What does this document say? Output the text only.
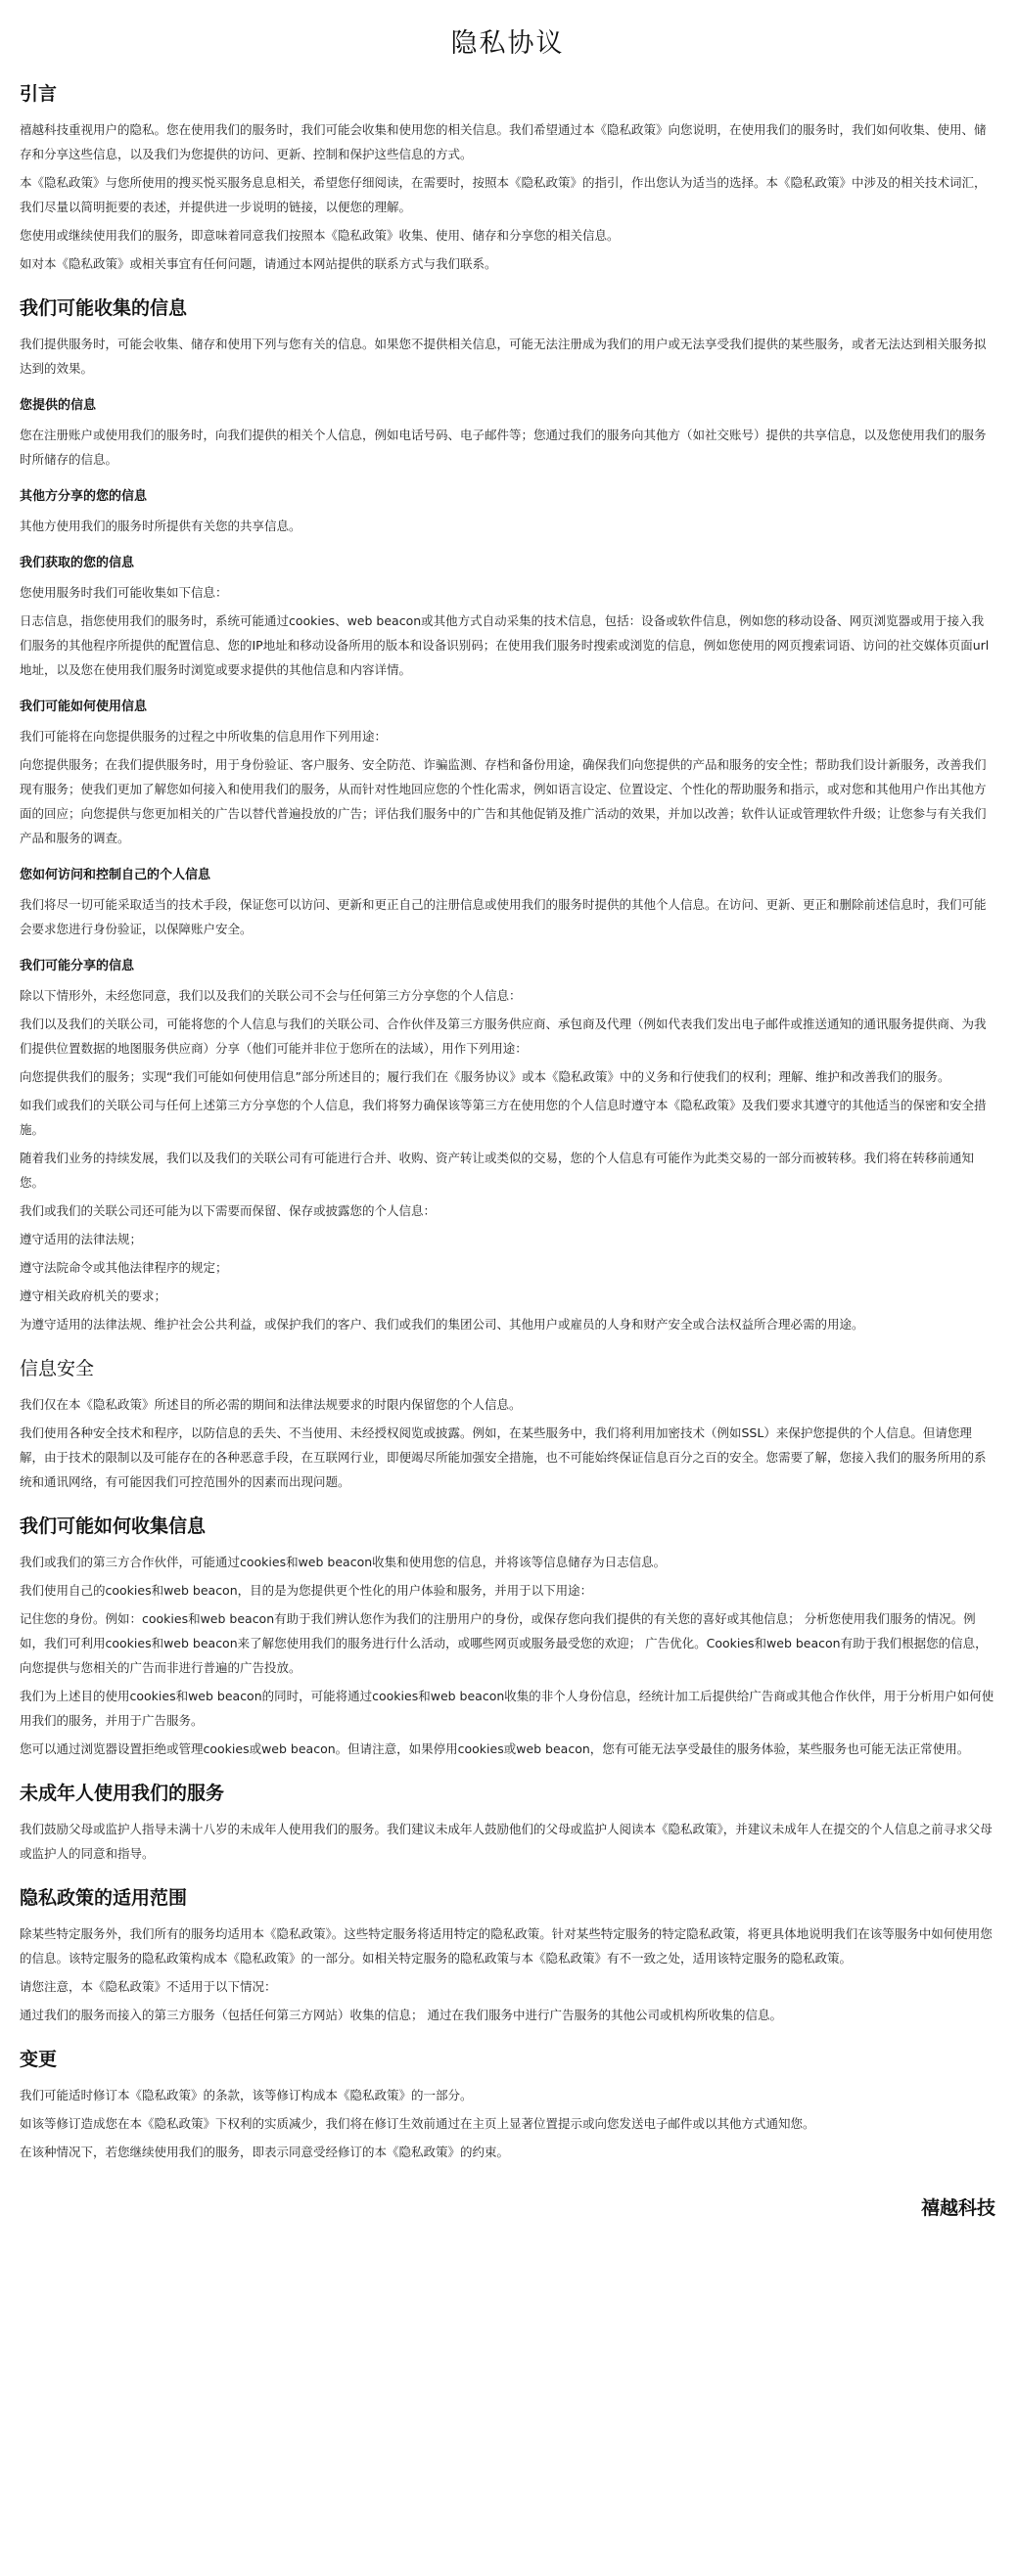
隐私协议
引言

禧越科技重视用户的隐私。您在使用我们的服务时，我们可能会收集和使用您的相关信息。我们希望通过本《隐私政策》向您说明，在使用我们的服务时，我们如何收集、使用、储存和分享这些信息，以及我们为您提供的访问、更新、控制和保护这些信息的方式。

本《隐私政策》与您所使用的搜买悦买服务息息相关，希望您仔细阅读，在需要时，按照本《隐私政策》的指引，作出您认为适当的选择。本《隐私政策》中涉及的相关技术词汇，我们尽量以简明扼要的表述，并提供进一步说明的链接，以便您的理解。

您使用或继续使用我们的服务，即意味着同意我们按照本《隐私政策》收集、使用、储存和分享您的相关信息。

如对本《隐私政策》或相关事宜有任何问题，请通过本网站提供的联系方式与我们联系。

我们可能收集的信息

我们提供服务时，可能会收集、储存和使用下列与您有关的信息。如果您不提供相关信息，可能无法注册成为我们的用户或无法享受我们提供的某些服务，或者无法达到相关服务拟达到的效果。

您提供的信息

您在注册账户或使用我们的服务时，向我们提供的相关个人信息，例如电话号码、电子邮件等；您通过我们的服务向其他方（如社交账号）提供的共享信息，以及您使用我们的服务时所储存的信息。

其他方分享的您的信息

其他方使用我们的服务时所提供有关您的共享信息。

我们获取的您的信息

您使用服务时我们可能收集如下信息：

日志信息，指您使用我们的服务时，系统可能通过cookies、web beacon或其他方式自动采集的技术信息，包括：设备或软件信息，例如您的移动设备、网页浏览器或用于接入我们服务的其他程序所提供的配置信息、您的IP地址和移动设备所用的版本和设备识别码；在使用我们服务时搜索或浏览的信息，例如您使用的网页搜索词语、访问的社交媒体页面url地址，以及您在使用我们服务时浏览或要求提供的其他信息和内容详情。

我们可能如何使用信息

我们可能将在向您提供服务的过程之中所收集的信息用作下列用途：

向您提供服务；在我们提供服务时，用于身份验证、客户服务、安全防范、诈骗监测、存档和备份用途，确保我们向您提供的产品和服务的安全性；帮助我们设计新服务，改善我们现有服务；使我们更加了解您如何接入和使用我们的服务，从而针对性地回应您的个性化需求，例如语言设定、位置设定、个性化的帮助服务和指示，或对您和其他用户作出其他方面的回应；向您提供与您更加相关的广告以替代普遍投放的广告；评估我们服务中的广告和其他促销及推广活动的效果，并加以改善；软件认证或管理软件升级；让您参与有关我们产品和服务的调查。

您如何访问和控制自己的个人信息

我们将尽一切可能采取适当的技术手段，保证您可以访问、更新和更正自己的注册信息或使用我们的服务时提供的其他个人信息。在访问、更新、更正和删除前述信息时，我们可能会要求您进行身份验证，以保障账户安全。

我们可能分享的信息

除以下情形外，未经您同意，我们以及我们的关联公司不会与任何第三方分享您的个人信息：

我们以及我们的关联公司，可能将您的个人信息与我们的关联公司、合作伙伴及第三方服务供应商、承包商及代理（例如代表我们发出电子邮件或推送通知的通讯服务提供商、为我们提供位置数据的地图服务供应商）分享（他们可能并非位于您所在的法域），用作下列用途：

向您提供我们的服务；实现“我们可能如何使用信息”部分所述目的；履行我们在《服务协议》或本《隐私政策》中的义务和行使我们的权利；理解、维护和改善我们的服务。

如我们或我们的关联公司与任何上述第三方分享您的个人信息，我们将努力确保该等第三方在使用您的个人信息时遵守本《隐私政策》及我们要求其遵守的其他适当的保密和安全措施。

随着我们业务的持续发展，我们以及我们的关联公司有可能进行合并、收购、资产转让或类似的交易，您的个人信息有可能作为此类交易的一部分而被转移。我们将在转移前通知您。

我们或我们的关联公司还可能为以下需要而保留、保存或披露您的个人信息：

遵守适用的法律法规；

遵守法院命令或其他法律程序的规定；

遵守相关政府机关的要求；

为遵守适用的法律法规、维护社会公共利益，或保护我们的客户、我们或我们的集团公司、其他用户或雇员的人身和财产安全或合法权益所合理必需的用途。

信息安全

我们仅在本《隐私政策》所述目的所必需的期间和法律法规要求的时限内保留您的个人信息。

我们使用各种安全技术和程序，以防信息的丢失、不当使用、未经授权阅览或披露。例如，在某些服务中，我们将利用加密技术（例如SSL）来保护您提供的个人信息。但请您理解，由于技术的限制以及可能存在的各种恶意手段，在互联网行业，即便竭尽所能加强安全措施，也不可能始终保证信息百分之百的安全。您需要了解，您接入我们的服务所用的系统和通讯网络，有可能因我们可控范围外的因素而出现问题。

我们可能如何收集信息

我们或我们的第三方合作伙伴，可能通过cookies和web beacon收集和使用您的信息，并将该等信息储存为日志信息。

我们使用自己的cookies和web beacon，目的是为您提供更个性化的用户体验和服务，并用于以下用途：

记住您的身份。例如：cookies和web beacon有助于我们辨认您作为我们的注册用户的身份，或保存您向我们提供的有关您的喜好或其他信息； 分析您使用我们服务的情况。例如，我们可利用cookies和web beacon来了解您使用我们的服务进行什么活动，或哪些网页或服务最受您的欢迎； 广告优化。Cookies和web beacon有助于我们根据您的信息，向您提供与您相关的广告而非进行普遍的广告投放。

我们为上述目的使用cookies和web beacon的同时，可能将通过cookies和web beacon收集的非个人身份信息，经统计加工后提供给广告商或其他合作伙伴，用于分析用户如何使用我们的服务，并用于广告服务。

您可以通过浏览器设置拒绝或管理cookies或web beacon。但请注意，如果停用cookies或web beacon，您有可能无法享受最佳的服务体验，某些服务也可能无法正常使用。

未成年人使用我们的服务

我们鼓励父母或监护人指导未满十八岁的未成年人使用我们的服务。我们建议未成年人鼓励他们的父母或监护人阅读本《隐私政策》，并建议未成年人在提交的个人信息之前寻求父母或监护人的同意和指导。

隐私政策的适用范围

除某些特定服务外，我们所有的服务均适用本《隐私政策》。这些特定服务将适用特定的隐私政策。针对某些特定服务的特定隐私政策，将更具体地说明我们在该等服务中如何使用您的信息。该特定服务的隐私政策构成本《隐私政策》的一部分。如相关特定服务的隐私政策与本《隐私政策》有不一致之处，适用该特定服务的隐私政策。

请您注意，本《隐私政策》不适用于以下情况：

通过我们的服务而接入的第三方服务（包括任何第三方网站）收集的信息； 通过在我们服务中进行广告服务的其他公司或机构所收集的信息。

变更

我们可能适时修订本《隐私政策》的条款，该等修订构成本《隐私政策》的一部分。

如该等修订造成您在本《隐私政策》下权利的实质减少，我们将在修订生效前通过在主页上显著位置提示或向您发送电子邮件或以其他方式通知您。

在该种情况下，若您继续使用我们的服务，即表示同意受经修订的本《隐私政策》的约束。

禧越科技
